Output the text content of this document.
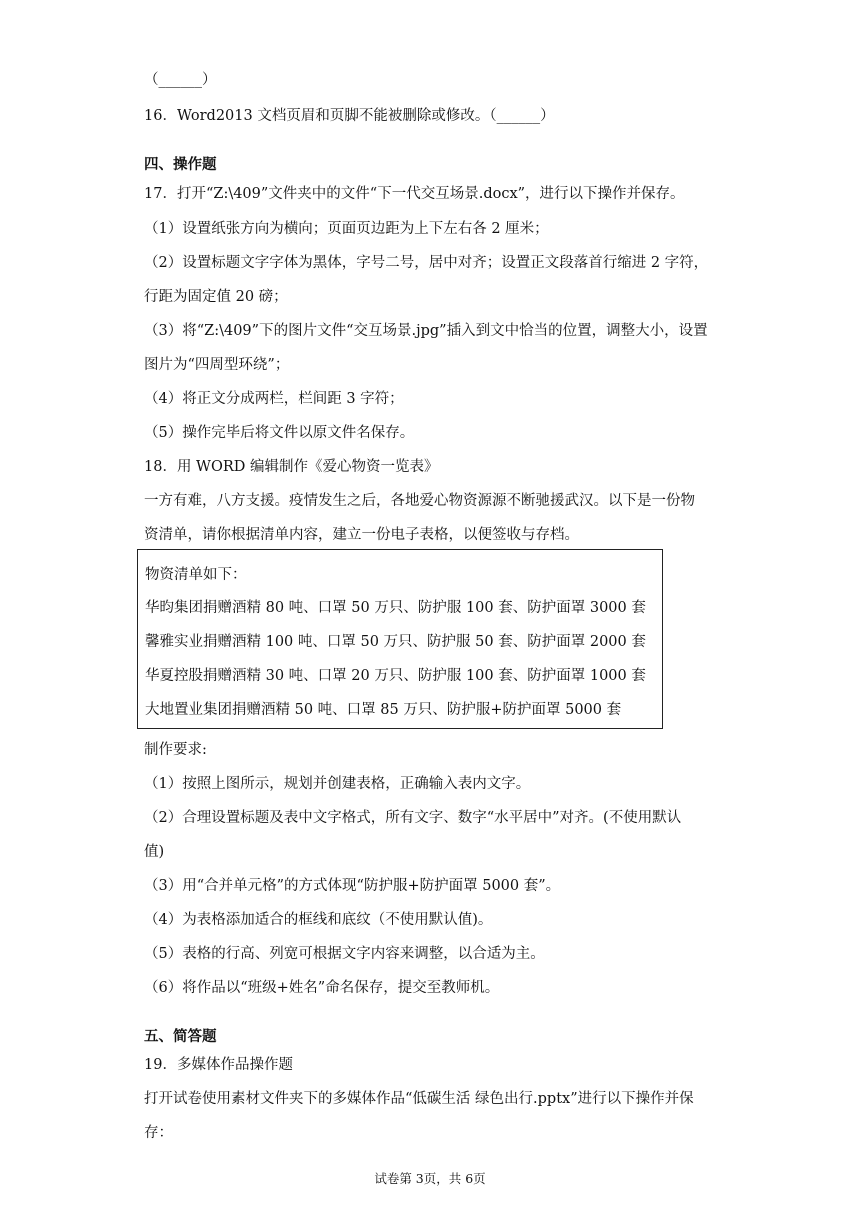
（______）
16．Word2013 文档页眉和页脚不能被删除或修改。（______）
四、操作题
17．打开“Z:\409”文件夹中的文件“下一代交互场景.docx”，进行以下操作并保存。
（1）设置纸张方向为横向；页面页边距为上下左右各 2 厘米；
（2）设置标题文字字体为黑体，字号二号，居中对齐；设置正文段落首行缩进 2 字符，
行距为固定值 20 磅；
（3）将“Z:\409”下的图片文件“交互场景.jpg”插入到文中恰当的位置，调整大小，设置
图片为“四周型环绕”；
（4）将正文分成两栏，栏间距 3 字符；
（5）操作完毕后将文件以原文件名保存。
18．用 WORD 编辑制作《爱心物资一览表》
一方有难，八方支援。疫情发生之后，各地爱心物资源源不断驰援武汉。以下是一份物
资清单，请你根据清单内容，建立一份电子表格，以便签收与存档。
物资清单如下：
华昀集团捐赠酒精 80 吨、口罩 50 万只、防护服 100 套、防护面罩 3000 套
馨雅实业捐赠酒精 100 吨、口罩 50 万只、防护服 50 套、防护面罩 2000 套
华夏控股捐赠酒精 30 吨、口罩 20 万只、防护服 100 套、防护面罩 1000 套
大地置业集团捐赠酒精 50 吨、口罩 85 万只、防护服+防护面罩 5000 套
制作要求:
（1）按照上图所示，规划并创建表格，正确输入表内文字。
（2）合理设置标题及表中文字格式，所有文字、数字“水平居中”对齐。(不使用默认
值)
（3）用“合并单元格”的方式体现“防护服+防护面罩 5000 套”。
（4）为表格添加适合的框线和底纹（不使用默认值)。
（5）表格的行高、列宽可根据文字内容来调整，以合适为主。
（6）将作品以“班级+姓名”命名保存，提交至教师机。
五、简答题
19．多媒体作品操作题
打开试卷使用素材文件夹下的多媒体作品“低碳生活 绿色出行.pptx”进行以下操作并保
存：
试卷第 3页，共 6页
